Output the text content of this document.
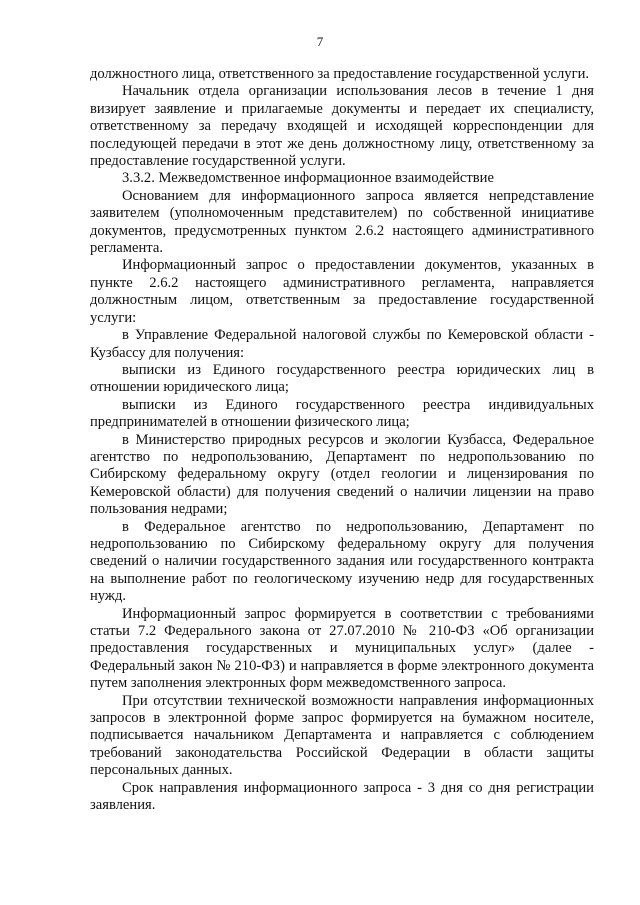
7

должностного лица, ответственного за предоставление государственной услуги.

Начальник отдела организации использования лесов в течение 1 дня визирует заявление и прилагаемые документы и передает их специалисту, ответственному за передачу входящей и исходящей корреспонденции для последующей передачи в этот же день должностному лицу, ответственному за предоставление государственной услуги.

3.3.2. Межведомственное информационное взаимодействие

Основанием для информационного запроса является непредставление заявителем (уполномоченным представителем) по собственной инициативе документов, предусмотренных пунктом 2.6.2 настоящего административного регламента.

Информационный запрос о предоставлении документов, указанных в пункте 2.6.2 настоящего административного регламента, направляется должностным лицом, ответственным за предоставление государственной услуги:

в Управление Федеральной налоговой службы по Кемеровской области - Кузбассу для получения:

выписки из Единого государственного реестра юридических лиц в отношении юридического лица;

выписки из Единого государственного реестра индивидуальных предпринимателей в отношении физического лица;

в Министерство природных ресурсов и экологии Кузбасса, Федеральное агентство по недропользованию, Департамент по недропользованию по Сибирскому федеральному округу (отдел геологии и лицензирования по Кемеровской области) для получения сведений о наличии лицензии на право пользования недрами;

в Федеральное агентство по недропользованию, Департамент по недропользованию по Сибирскому федеральному округу для получения сведений о наличии государственного задания или государственного контракта на выполнение работ по геологическому изучению недр для государственных нужд.

Информационный запрос формируется в соответствии с требованиями статьи 7.2 Федерального закона от 27.07.2010 № 210-ФЗ «Об организации предоставления государственных и муниципальных услуг» (далее - Федеральный закон № 210-ФЗ) и направляется в форме электронного документа путем заполнения электронных форм межведомственного запроса.

При отсутствии технической возможности направления информационных запросов в электронной форме запрос формируется на бумажном носителе, подписывается начальником Департамента и направляется с соблюдением требований законодательства Российской Федерации в области защиты персональных данных.

Срок направления информационного запроса - 3 дня со дня регистрации заявления.
